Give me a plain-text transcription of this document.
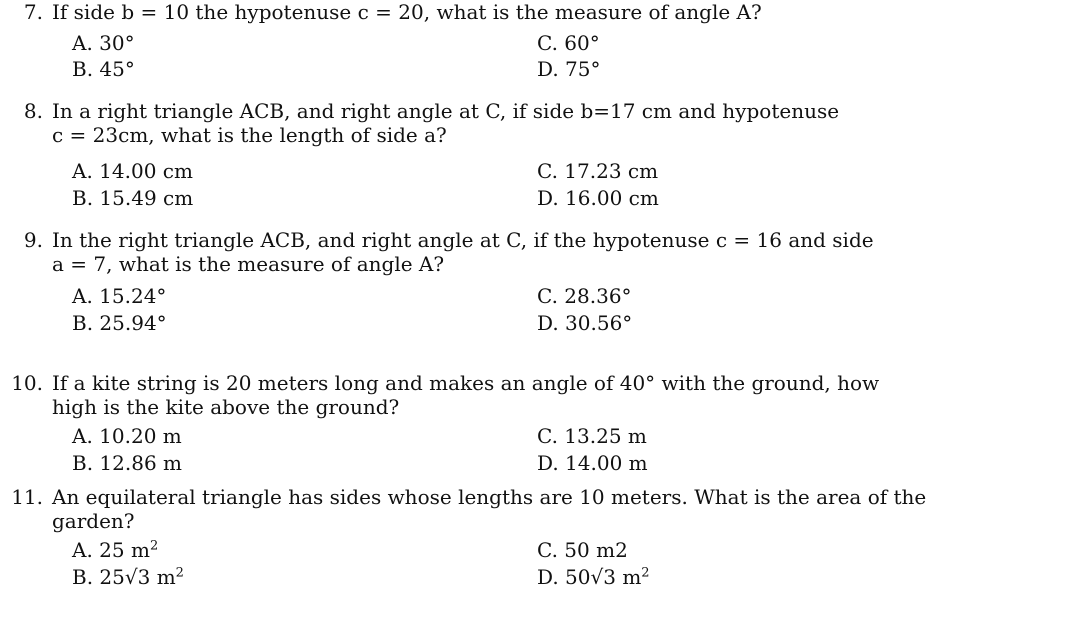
7. If side b = 10 the hypotenuse c = 20, what is the measure of angle A?
A. 30°	C. 60°
B. 45°	D. 75°
8. In a right triangle ACB, and right angle at C, if side b=17 cm and hypotenuse
c = 23cm, what is the length of side a?
A. 14.00 cm	C. 17.23 cm
B. 15.49 cm	D. 16.00 cm
9. In the right triangle ACB, and right angle at C, if the hypotenuse c = 16 and side
a = 7, what is the measure of angle A?
A. 15.24°	C. 28.36°
B. 25.94°	D. 30.56°
10. If a kite string is 20 meters long and makes an angle of 40° with the ground, how
high is the kite above the ground?
A. 10.20 m	C. 13.25 m
B. 12.86 m	D. 14.00 m
11. An equilateral triangle has sides whose lengths are 10 meters. What is the area of the
garden?
A. 25 $m^2$	C. 50 m2
B. 25√3 $m^2$	D. 50√3 $m^2$
